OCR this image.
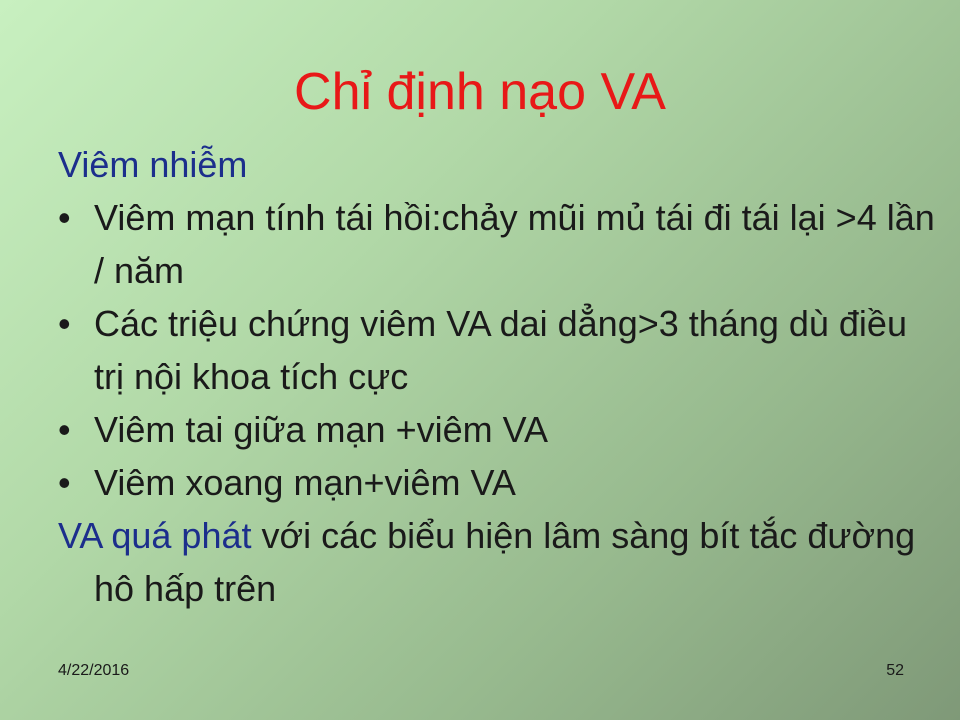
Chỉ định nạo VA
Viêm nhiễm
• Viêm mạn tính tái hồi:chảy mũi mủ tái đi tái lại >4 lần / năm
• Các triệu chứng viêm VA dai dẳng>3 tháng dù điều trị nội khoa tích cực
• Viêm tai giữa mạn +viêm VA
• Viêm xoang mạn+viêm VA
VA quá phát với các biểu hiện lâm sàng bít tắc đường hô hấp trên
4/22/2016	52
